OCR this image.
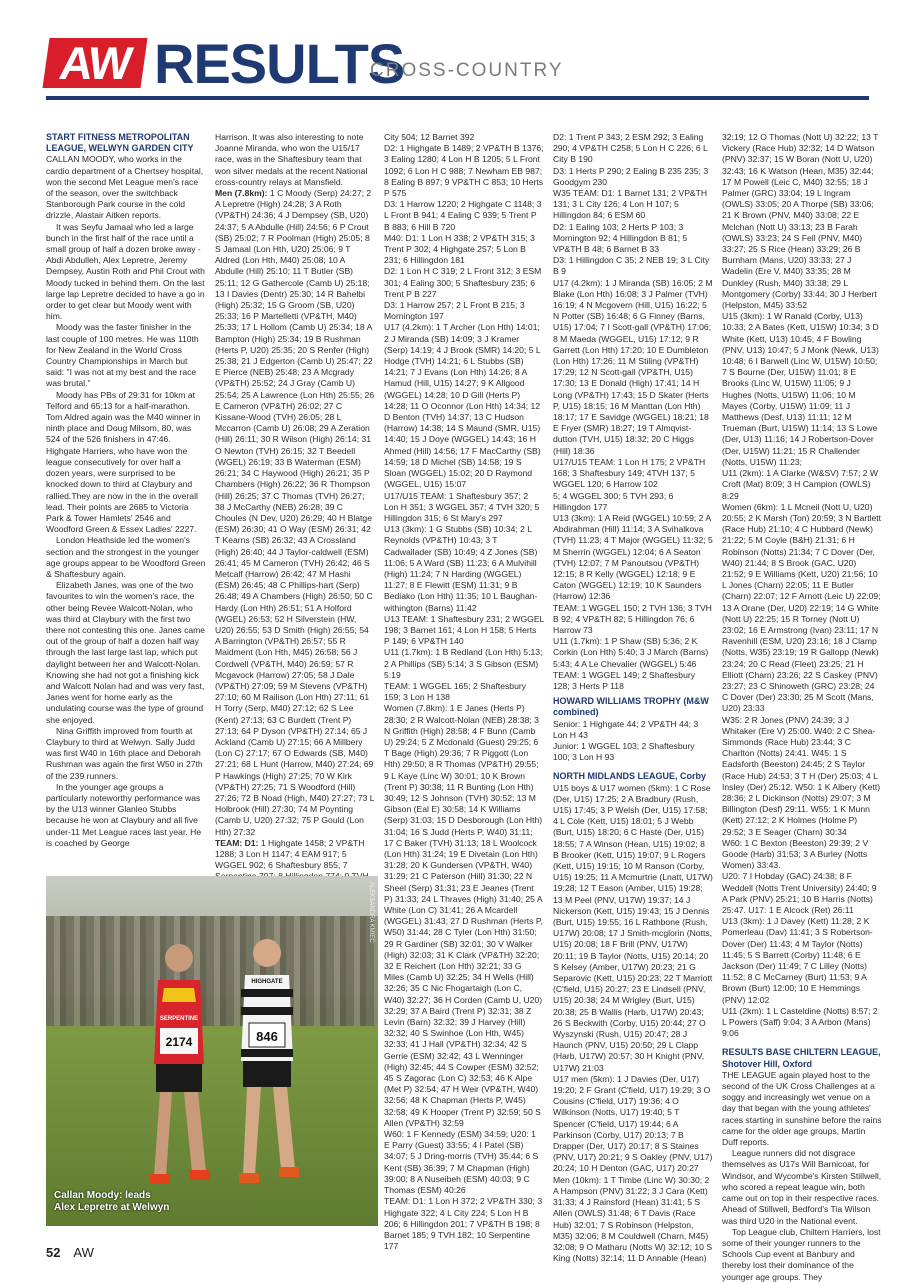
AW RESULTS
CROSS-COUNTRY

START FITNESS METROPOLITAN LEAGUE, WELWYN GARDEN CITY

CALLAN MOODY, who works in the cardio department of a Chertsey hospital, won the second Met League men's race of the season, over the switchback Stanborough Park course in the cold drizzle, Alastair Aitken reports.

It was Seyfu Jamaal who led a large bunch in the first half of the race until a small group of half a dozen broke away - Abdi Abdulleh, Alex Lepretre, Jeremy Dempsey, Austin Roth and Phil Crout with Moody tucked in behind them. On the last large lap Lepretre decided to have a go in order to get clear but Moody went with him.

Moody was the faster finisher in the last couple of 100 metres. He was 110th for New Zealand in the World Cross Country Championships in March but said: "I was not at my best and the race was brutal."

Moody has PBs of 29:31 for 10km at Telford and 65:13 for a half-marathon. Tom Aldred again was the M40 winner in ninth place and Doug Milsom, 80, was 524 of the 526 finishers in 47:46. Highgate Harriers, who have won the league consecutively for over half a dozen years, were surprised to be knocked down to third at Claybury and rallied.They are now in the in the overall lead. Their points are 2685 to Victoria Park & Tower Hamlets' 2546 and Woodford Green & Essex Ladies' 2227.

London Heathside led the women's section and the strongest in the younger age groups appear to be Woodford Green & Shaftesbury again.

Elizabeth Janes, was one of the two favourites to win the women's race, the other being Revee Walcott-Nolan, who was third at Claybury with the first two there not contesting this one. Janes came out of the group of half a dozen half way through the last large last lap, which put daylight between her and Walcott-Nolan. Knowing she had not got a finishing kick and Walcott Nolan had and was very fast, Janes went for home early as the undulating course was the type of ground she enjoyed.

Nina Griffith improved from fourth at Claybury to third at Welwyn. Sally Judd was first W40 in 16th place and Deborah Rushman was again the first W50 in 27th of the 239 runners.

In the younger age groups a particularly noteworthy performance was by the U13 winner Glanleo Stubbs because he won at Claybury and all five under-11 Met League races last year. He is coached by George

Harrison. It was also interesting to note Joanne Miranda, who won the U15/17 race, was in the Shaftesbury team that won silver medals at the recent National cross-country relays at Mansfield.

Men (7.8km): 1 C Moody (Serp) 24:27; 2 A Lepretre (High) 24:28; 3 A Roth (VP&TH) 24:36; 4 J Dempsey (SB, U20) 24:37; 5 A Abdulle (Hill) 24:56; 6 P Crout (SB) 25:02; 7 R Poolman (High) 25:05; 8 S Jamaal (Lon Hth, U20) 25:06; 9 T Aldred (Lon Hth, M40) 25:08; 10 A Abdulle (Hill) 25:10; 11 T Butler (SB) 25:11; 12 G Gathercole (Camb U) 25:18; 13 I Davies (Dentr) 25:30; 14 R Bahelbi (High) 25:32; 15 G Groom (SB, U20) 25:33; 16 P Martelletti (VP&TH, M40) 25:33; 17 L Hollom (Camb U) 25:34; 18 A Bampton (High) 25:34; 19 B Rushman (Herts P, U20) 25:35; 20 S Renfer (High) 25:38; 21 J Edgerton (Camb U) 25:47; 22 E Pierce (NEB) 25:48; 23 A Mcgrady (VP&TH) 25:52; 24 J Gray (Camb U) 25:54; 25 A Lawrence (Lon Hth) 25:55; 26 E Cameron (VP&TH) 26:02; 27 C Kissane-Wood (TVH) 26:05; 28 L Mccarron (Camb U) 26:08; 29 A Zeration (Hill) 26:11; 30 R Wilson (High) 26:14; 31 O Newton (TVH) 26:15; 32 T Beedell (WGEL) 26:19; 33 B Waterman (ESM) 26:21; 34 C Haywood (High) 26:21; 35 P Chambers (High) 26:22; 36 R Thompson (Hill) 26:25; 37 C Thomas (TVH) 26:27; 38 J McCarthy (NEB) 26:28; 39 C Choules (N Dev, U20) 26:29; 40 H Blatge (ESM) 26:30; 41 O Way (ESM) 26:31; 42 T Kearns (SB) 26:32; 43 A Crossland (High) 26:40; 44 J Taylor-caldwell (ESM) 26:41; 45 M Cameron (TVH) 26:42; 46 S Metcalf (Harrow) 26:42; 47 M Hashi (ESM) 26:45; 48 C Phillips-hart (Serp) 26:48; 49 A Chambers (High) 26:50; 50 C Hardy (Lon Hth) 26:51; 51 A Holford (WGEL) 26:53; 52 H Silverstein (HW, U20) 26:55; 53 D Smith (High) 26:55; 54 A Barrington (VP&TH) 26:57; 55 R Maidment (Lon Hth, M45) 26:58; 56 J Cordwell (VP&TH, M40) 26:59; 57 R Mcgavock (Harrow) 27:05; 58 J Dale (VP&TH) 27:09; 59 M Stevens (VP&TH) 27:10; 60 M Railison (Lon Hth) 27:11; 61 H Torry (Serp, M40) 27:12; 62 S Lee (Kent) 27:13; 63 C Burdett (Trent P) 27:13; 64 P Dyson (VP&TH) 27:14; 65 J Ackland (Camb U) 27:15; 66 A Millbery (Lon C) 27:17; 67 O Edwards (SB, M40) 27:21; 68 L Hunt (Harrow, M40) 27:24; 69 P Hawkings (High) 27:25; 70 W Kirk (VP&TH) 27:25; 71 S Woodford (Hill) 27:26; 72 B Noad (High, M40) 27:27; 73 L Holbrook (Hill) 27:30; 74 M Poynting (Camb U, U20) 27:32; 75 P Gould (Lon Hth) 27:32

TEAM: D1: 1 Highgate 1458; 2 VP&TH 1288; 3 Lon H 1147; 4 EAM 917; 5 WGGEL 902; 6 Shaftesbury 855; 7

City 504; 12 Barnet 392
D2: 1 Highgate B 1489; 2 VP&TH B 1376; 3 Ealing 1280; 4 Lon H B 1205; 5 L Front 1092; 6 Lon H C 988; 7 Newham EB 987; 8 Ealing B 897; 9 VP&TH C 853; 10 Herts P 575
D3: 1 Harrow 1220; 2 Highgate C 1148; 3 L Front B 941; 4 Ealing C 939; 5 Trent P B 883; 6 Hill B 720
M40: D1: 1 Lon H 338; 2 VP&TH 315; 3 Trent P 302; 4 Highgate 257; 5 Lon B 231; 6 Hillingdon 181
D2: 1 Lon H C 319; 2 L Front 312; 3 ESM 301; 4 Ealing 300; 5 Shaftesbury 235; 6 Trent P B 227
D3: 1 Harrow 257; 2 L Front B 215; 3 Mornington 197
U17 (4.2km): 1 T Archer (Lon Hth) 14:01; 2 J Miranda (SB) 14:09; 3 J Kramer (Serp) 14:19; 4 J Brook (SMR) 14:20; 5 L Hodge (TVH) 14:21; 6 L Stubbs (SB) 14:21; 7 J Evans (Lon Hth) 14:26; 8 A Hamud (Hill, U15) 14:27; 9 K Allgood (WGGEL) 14:28; 10 D Gill (Herts P) 14:28; 11 O Oconnor (Lon Hth) 14:34; 12 D Benton (TVH) 14:37; 13 C Hudson (Harrow) 14:38; 14 S Maund (SMR, U15) 14:40; 15 J Doye (WGGEL) 14:43; 16 H Ahmed (Hill) 14:56; 17 F MacCarthy (SB) 14:59; 18 D Michel (SB) 14:58; 19 S Sloan (WGGEL) 15:02; 20 D Raymond (WGGEL, U15) 15:07
U17/U15 TEAM: 1 Shaftesbury 357; 2 Lon H 351; 3 WGGEL 357; 4 TVH 320; 5 Hillingdon 315; 6 St Mary's 297
U13 (3km): 1 G Stubbs (SB) 10:34; 2 L Reynolds (VP&TH) 10:43; 3 T Cadwallader (SB) 10:49; 4 Z Jones (SB) 11:06; 5 A Ward (SB) 11:23; 6 A Mulvihill (High) 11:24; 7 N Harding (WGGEL) 11:27; 8 E Flewitt (ESM) 11:31; 9 B Bediako (Lon Hth) 11:35; 10 L Baughan-withington (Barns) 11:42
U13 TEAM: 1 Shaftesbury 231; 2 WGGEL 198; 3 Barnet 161; 4 Lon H 158; 5 Herts P 149; 6 VP&TH 140
U11 (1.7km): 1 B Redland (Lon Hth) 5:13; 2 A Phillips (SB) 5:14; 3 S Gibson (ESM) 5:19
TEAM: 1 WGGEL 165; 2 Shaftesbury 159; 3 Lon H 138
Women (7.8km): 1 E Janes (Herts P) 28:30; 2 R Walcott-Nolan (NEB) 28:38; 3 N Griffith (High) 28:58; 4 F Bunn (Camb U) 29:24; 5 Z Mcdonald (Guest) 29:25; 6 T Bage (High) 29:36; 7 R Piggott (Lon Hth) 29:50; 8 R Thomas (VP&TH) 29:55; 9 L Kaye (Linc W) 30:01; 10 K Brown (Trent P) 30:38; 11 R Bunting (Lon Hth) 30:49; 12 S Johnson (TVH) 30:52; 13 M Gibson (Eal E) 30:58; 14 K Williams (Serp) 31:03; 15 D Desborough (Lon Hth) 31:04; 16 S Judd (Herts P, W40) 31:11; 17 C Baker (TVH) 31:13; 18 L Woolcock (Lon Hth) 31:24; 19 E Divetain (Lon Hth) 31:28; 20 K Gundersen (VP&TH, W40) 31:29; 21 C Paterson (Hill) 31:30; 22 N Sheel (Serp) 31:31; 23 E Jeanes (Trent P) 31:33; 24 L Thraves (High) 31:40; 25 A White (Lon C) 31:41; 26 A Mcardell (WGGEL) 31:43; 27 D Rushman (Herts P, W50) 31:44; 28 C Tyler (Lon Hth) 31:50; 29 R Gardiner (SB) 32:01; 30 V Walker (High) 32:03; 31 K Clark (VP&TH) 32:20; 32 E Reichert (Lon Hth) 32:21; 33 G Miles (Camb U) 32:25; 34 H Wells (Hill) 32:26; 35 C Nic Fhogartaigh (Lon C, W40) 32:27; 36 H Corden (Camb U, U20) 32:29; 37 A Baird (Trent P) 32:31; 38 Z Levin (Barn) 32:32; 39 J Harvey (Hill) 32:32; 40 S Swinhoe (Lon Hth, W45) 32:33; 41 J Hall (VP&TH) 32:34; 42 S Gerrie (ESM) 32:42; 43 L Wenninger (High) 32:45; 44 S Cowper (ESM) 32:52; 45 S Zagorac (Lon C) 32:53; 46 K Alpe (Met P) 32:54; 47 H Weir (VP&TH, W40) 32:56; 48 K Chapman (Herts P, W45) 32:58; 49 K Hooper (Trent P) 32:59; 50 S Allen (VP&TH) 32:59
W60: 1 F Kennedy (ESM) 34:59; U20: 1 E Parry (Guest) 33:55; 4 I Patel (SB) 34:07; 5 J Dring-morris (TVH) 35:44; 6 S Kent (SB) 36:39; 7 M Chapman (High) 39:00; 8 A Nuseibeh (ESM) 40:03; 9 C Thomas (ESM) 40:26
TEAM: D1: 1 Lon H 372; 2 VP&TH 330; 3 Highgate 322; 4 L City 224; 5 Lon H B 206; 6 Hillingdon 201; 7 VP&TH B 198; 8 Barnet 185; 9 TVH 182; 10 Serpentine 177
D2: 1 Trent P 343; 2 ESM 292; 3 Ealing 290; 4 VP&TH C258; 5 Lon H C 226; 6 L City B 190
D3: 1 Herts P 290; 2 Ealing B 235 235; 3 Goodgym 230
W35 TEAM: D1: 1 Barnet 131; 2 VP&TH 131; 3 L City 126; 4 Lon H 107; 5 Hillingdon 84; 6 ESM 60
D2: 1 Ealing 103; 2 Herts P 103; 3 Mornington 92; 4 Hillingdon B 81; 5 VP&TH B 48; 6 Barnet B 33
D3: 1 Hillingdon C 35; 2 NEB 19; 3 L City B 9
U17 (4.2km): 1 J Miranda (SB) 16:05; 2 M Blake (Lon Hth) 16:08; 3 J Palmer (TVH) 16:19; 4 N Mcgovern (Hill, U15) 16:22; 5 N Potter (SB) 16:48; 6 G Finney (Barns, U15) 17:04; 7 I Scott-gall (VP&TH) 17:06; 8 M Maeda (WGGEL, U15) 17:12; 9 R Garrett (Lon Hth) 17:20; 10 E Dumbleton (Lon Hth) 17:26; 11 M Stiling (VP&TH) 17:29; 12 N Scott-gall (VP&TH, U15) 17:30; 13 E Donald (High) 17:41; 14 H Long (VP&TH) 17:43; 15 D Skater (Herts P, U15) 18:15; 16 M Manttan (Lon Hth) 18:17; 17 E Savidge (WGGEL) 18:21; 18 E Fryer (SMR) 18:27; 19 T Almqvist-dutton (TVH, U15) 18:32; 20 C Higgs (Hill) 18:36
U17/U15 TEAM: 1 Lon H 175; 2 VP&TH 168; 3 Shaftesbury 149; 4TVH 137; 5 WGGEL 120; 6 Harrow 102
5; 4 WGGEL 300; 5 TVH 293; 6 Hillingdon 177
U13 (3km): 1 A Reid (WGGEL) 10:59; 2 A Abdirahman (Hill) 11:14; 3 A Svihalkova (TVH) 11:23; 4 T Major (WGGEL) 11:32; 5 M Sherrin (WGGEL) 12:04; 6 A Seaton (TVH) 12:07; 7 M Panoutsou (VP&TH) 12:15; 8 R Kelly (WGGEL) 12:18; 9 E Caton (WGGEL) 12:19; 10 K Saunders (Harrow) 12:36
TEAM: 1 WGGEL 150; 2 TVH 136; 3 TVH B 92; 4 VP&TH 82; 5 Hillingdon 76; 6 Harrow 73
U11 (1.7km): 1 P Shaw (SB) 5:36; 2 K Corkin (Lon Hth) 5:40; 3 J March (Barns) 5:43; 4 A Le Chevalier (WGGEL) 5:46
TEAM: 1 WGGEL 149; 2 Shaftesbury 128; 3 Herts P 118

HOWARD WILLIAMS TROPHY (M&W combined)

Senior: 1 Highgate 44; 2 VP&TH 44; 3 Lon H 43
Junior: 1 WGGEL 103; 2 Shaftesbury 100; 3 Lon H 93

NORTH MIDLANDS LEAGUE, Corby

U15 boys & U17 women (5km): 1 C Rose (Der, U15) 17:25; 2 A Bradbury (Rush, U15) 17:45; 3 P Welsh (Der, U15) 17:58; 4 L Cole (Kett, U15) 18:01; 5 J Webb (Burt, U15) 18:20; 6 C Haste (Der, U15) 18:55; 7 A Winson (Hean, U15) 19:02; 8 B Brooker (Kett, U15) 19:07; 9 L Rogers (Kett, U15) 19:15; 10 M Ranson (Corby, U15) 19:25; 11 A Mcmurtrie (Lnatt, U17W) 19:28; 12 T Eason (Amber, U15) 19:28; 13 M Peel (PNV, U17W) 19:37; 14 J Nickerson (Kett, U15) 19:43; 15 J Dennis (Burt, U15) 19:55; 16 L Rathbone (Rush, U17W) 20:08; 17 J Smith-mcglorin (Notts, U15) 20:08; 18 F Brill (PNV, U17W) 20:11; 19 B Taylor (Notts, U15) 20:14; 20 S Kelsey (Amber, U17W) 20:23; 21 G Separovic (Kett, U15) 20:23; 22 T Marriott (C'field, U15) 20:27; 23 E Lindsell (PNV, U15) 20:38; 24 M Wrigley (Burt, U15) 20:38; 25 B Wallis (Harb, U17W) 20:43; 26 S Beckwith (Corby, U15) 20:44; 27 O Wyszynski (Rush, U15) 20:47; 28 J Haunch (PNV, U15) 20:50; 29 L Clapp (Harb, U17W) 20:57; 30 H Knight (PNV, U17W) 21:03
U17 men (5km): 1 J Davies (Der, U17) 19:20; 2 F Grant (C'field, U17) 19:29; 3 O Cousins (C'field, U17) 19:36; 4 O Wilkinson (Notts, U17) 19:40; 5 T Spencer (C'field, U17) 19:44; 6 A Parkinson (Corby, U17) 20:13; 7 B Drapper (Der, U17) 20:17; 8 S Staines (PNV, U17) 20:21; 9 S Oakley (PNV, U17) 20:24; 10 H Denton (GAC, U17) 20:27
Men (10km): 1 T Timbe (Linc W) 30:30; 2 A Hampson (PNV) 31:22; 3 J Cara (Kett) 31:33; 4 J Rainsford (Hean) 31:41; 5 S Allen (OWLS) 31:48; 6 T Davis (Race Hub) 32:01; 7 S Robinson (Helpston, M35) 32:06; 8 M Couldwell (Charn, M45) 32:08; 9 O Matharu (Notts W) 32:12; 10 S King (Notts) 32:14; 11 D Annable (Hean)
32:19; 12 O Thomas (Nott U) 32:22; 13 T Vickery (Race Hub) 32:32; 14 D Watson (PNV) 32:37; 15 W Boran (Nott U, U20) 32:43; 16 K Watson (Hean, M35) 32:44; 17 M Powell (Leic C, M40) 32:55; 18 J Palmer (GRC) 33:04; 19 L Ingram (OWLS) 33:05; 20 A Thorpe (SB) 33:06; 21 K Brown (PNV, M40) 33:08; 22 E Mclchan (Nott U) 33:13; 23 B Farah (OWLS) 33:23; 24 S Fell (PNV, M40) 33:27; 25 S Rice (Hean) 33:29; 26 B Burnham (Mans, U20) 33:33; 27 J Wadelin (Ere V, M40) 33:35; 28 M Dunkley (Rush, M40) 33:38; 29 L Montgomery (Corby) 33:44; 30 J Herbert (Helpston, M45) 33:52
U15 (3km): 1 W Ranald (Corby, U13) 10:33; 2 A Bates (Kett, U15W) 10:34; 3 D White (Kett, U13) 10:45; 4 F Bowling (PNV, U13) 10:47; 5 J Monk (Newk, U13) 10:48; 6 I Barwell (Linc W, U15W) 10:50; 7 S Bourne (Der, U15W) 11:01; 8 E Brooks (Linc W, U15W) 11:05; 9 J Hughes (Notts, U15W) 11:06; 10 M Mayes (Corby, U15W) 11:09; 11 J Matthews (Desf, U13) 11:11; 12 M Trueman (Burt, U15W) 11:14; 13 S Lowe (Der, U13) 11:16; 14 J Robertson-Dover (Der, U15W) 11:21; 15 R Challender (Notts, U15W) 11:23;
U11 (2km): 1 A Clarke (W&SV) 7:57; 2 W Croft (Mat) 8:09; 3 H Campion (OWLS) 8:29
Women (6km): 1 L Mcneil (Nott U, U20) 20:55; 2 K Marsh (Ton) 20:59; 3 N Bartlett (Race Hub) 21:10; 4 C Hubbard (Newk) 21:22; 5 M Coyle (B&H) 21:31; 6 H Robinson (Notts) 21:34; 7 C Dover (Der, W40) 21:44; 8 S Brook (GAC, U20) 21:52; 9 E Williams (Kett, U20) 21:56; 10 L Jones (Charn) 22:05; 11 E Butler (Charn) 22:07; 12 F Arnott (Leic U) 22:09; 13 A Orane (Der, U20) 22:19; 14 G White (Nott U) 22:25; 15 R Torney (Nott U) 23:02; 16 E Armstrong (Ivan) 23:11; 17 N Ravenhill (ESM, U20) 23:16; 18 J Clamp (Notts, W35) 23:19; 19 R Gallopp (Newk) 23:24; 20 C Read (Fleet) 23:25; 21 H Elliott (Charn) 23:26; 22 S Caskey (PNV) 23:27; 23 C Shinoweth (GRC) 23:28; 24 C Dover (Der) 23:30; 25 M Scott (Mans, U20) 23:33
W35: 2 R Jones (PNV) 24:39; 3 J Whitaker (Ere V) 25:00. W40: 2 C Shea-Simmonds (Race Hub) 23:44; 3 C Charlton (Notts) 24:41. W45: 1 S Eadsforth (Beeston) 24:45; 2 S Taylor (Race Hub) 24:53; 3 T H (Der) 25:03; 4 L Insley (Der) 25:12. W50: 1 K Albery (Kett) 28:36; 2 L Dickinson (Notts) 29:07; 3 M Billington (Desf) 29:11. W55: 1 K Munn (Kett) 27:12; 2 K Holmes (Holme P) 29:52; 3 E Seager (Charn) 30:34
W60: 1 C Bexton (Beeston) 29:39; 2 V Goode (Harb) 31:53; 3 A Burley (Notts Women) 33:43.
U20: 7 I Hobday (GAC) 24:38; 8 F Weddell (Notts Trent University) 24:40; 9 A Park (PNV) 25:21; 10 B Harris (Notts) 25:47. U17: 1 E Alcock (Ret) 26:11
U13 (3km): 1 J Davey (Kett) 11:28; 2 K Pomerleau (Dav) 11:41; 3 S Robertson-Dover (Der) 11:43; 4 M Taylor (Notts) 11:45; 5 S Barrett (Corby) 11:48; 6 E Jackson (Der) 11:49; 7 C Lilley (Notts) 11:52; 8 C McCarney (Burt) 11:53; 9 A Brown (Burt) 12:00; 10 E Hemmings (PNV) 12:02
U11 (2km): 1 L Casteldine (Notts) 8:57; 2 L Powers (Saff) 9:04; 3 A Arbon (Mans) 9:06

RESULTS BASE CHILTERN LEAGUE, Shotover Hill, Oxford

THE LEAGUE again played host to the second of the UK Cross Challenges at a soggy and increasingly wet venue on a day that began with the young athletes' races starting in sunshine before the rains came for the older age groups, Martin Duff reports.

League runners did not disgrace themselves as U17s Will Barnicoat, for Windsor, and Wycombe's Kirsten Stillwell, who scored a repeat league win, both came out on top in their respective races. Ahead of Stillwell, Bedford's Tia Wilson was third U20 in the National event.

Top League club, Chiltern Harriers, lost some of their younger runners to the Schools Cup event at Banbury and thereby lost their dominance of the younger age groups. They

2174
SERPENTINE
846
HIGHGATE
ALEKSANDRA KMIEC
Callan Moody: leads
Alex Lepretre at Welwyn
52 AW
